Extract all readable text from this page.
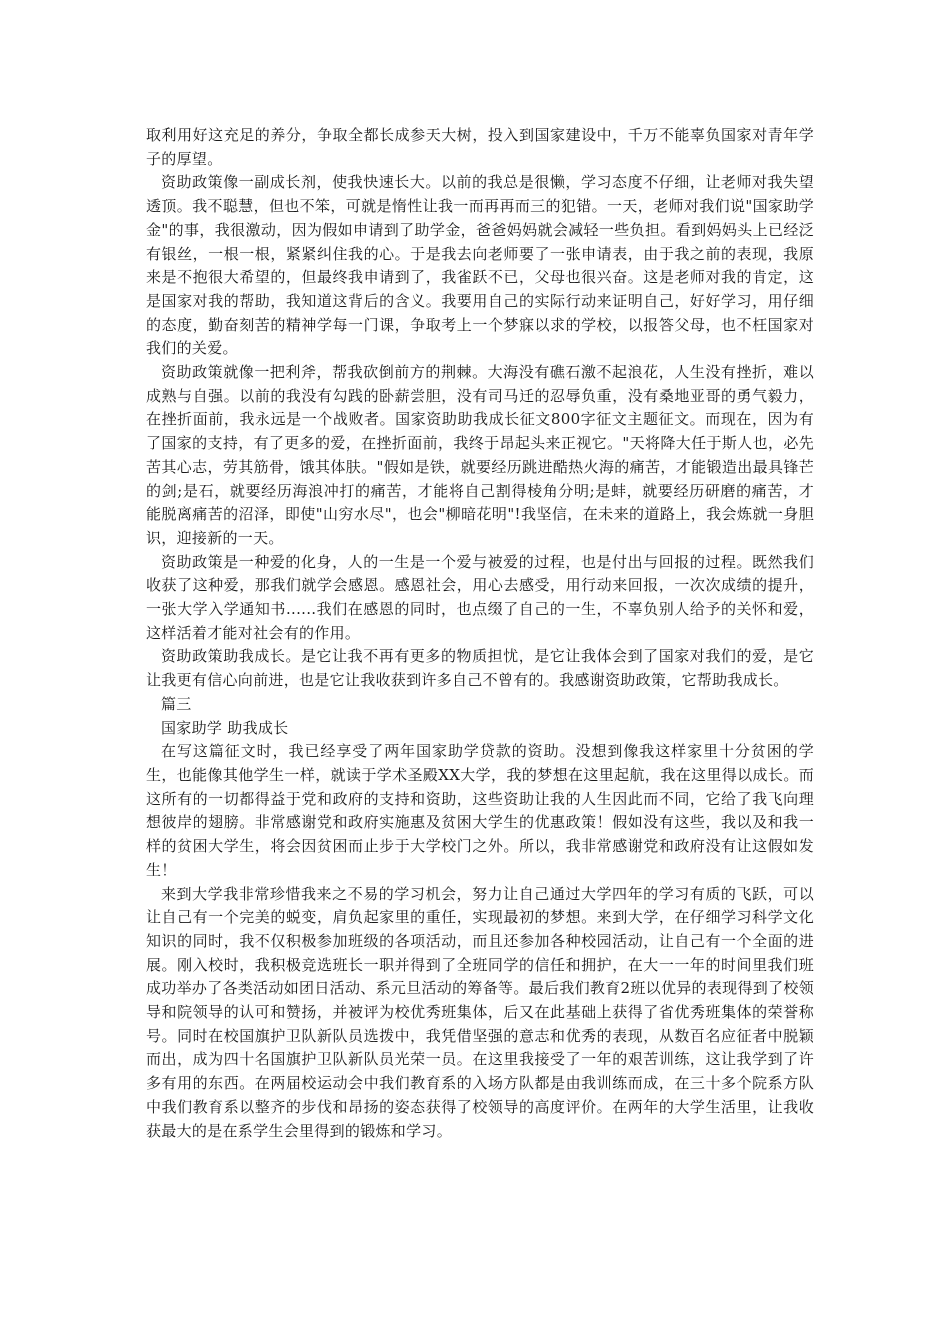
取利用好这充足的养分，争取全都长成参天大树，投入到国家建设中，千万不能辜负国家对青年学子的厚望。

资助政策像一副成长剂，使我快速长大。以前的我总是很懒，学习态度不仔细，让老师对我失望透顶。我不聪慧，但也不笨，可就是惰性让我一而再再而三的犯错。一天，老师对我们说"国家助学金"的事，我很激动，因为假如申请到了助学金，爸爸妈妈就会减轻一些负担。看到妈妈头上已经泛有银丝，一根一根，紧紧纠住我的心。于是我去向老师要了一张申请表，由于我之前的表现，我原来是不抱很大希望的，但最终我申请到了，我雀跃不已，父母也很兴奋。这是老师对我的肯定，这是国家对我的帮助，我知道这背后的含义。我要用自己的实际行动来证明自己，好好学习，用仔细的态度，勤奋刻苦的精神学每一门课，争取考上一个梦寐以求的学校，以报答父母，也不枉国家对我们的关爱。

资助政策就像一把利斧，帮我砍倒前方的荆棘。大海没有礁石激不起浪花，人生没有挫折，难以成熟与自强。以前的我没有勾践的卧薪尝胆，没有司马迁的忍辱负重，没有桑地亚哥的勇气毅力，在挫折面前，我永远是一个战败者。国家资助助我成长征文800字征文主题征文。而现在，因为有了国家的支持，有了更多的爱，在挫折面前，我终于昂起头来正视它。"天将降大任于斯人也，必先苦其心志，劳其筋骨，饿其体肤。"假如是铁，就要经历跳进酷热火海的痛苦，才能锻造出最具锋芒的剑;是石，就要经历海浪冲打的痛苦，才能将自己割得棱角分明;是蚌，就要经历研磨的痛苦，才能脱离痛苦的沼泽，即使"山穷水尽"，也会"柳暗花明"!我坚信，在未来的道路上，我会炼就一身胆识，迎接新的一天。

资助政策是一种爱的化身，人的一生是一个爱与被爱的过程，也是付出与回报的过程。既然我们收获了这种爱，那我们就学会感恩。感恩社会，用心去感受，用行动来回报，一次次成绩的提升，一张大学入学通知书......我们在感恩的同时，也点缀了自己的一生，不辜负别人给予的关怀和爱，这样活着才能对社会有的作用。

资助政策助我成长。是它让我不再有更多的物质担忧，是它让我体会到了国家对我们的爱，是它让我更有信心向前进，也是它让我收获到许多自己不曾有的。我感谢资助政策，它帮助我成长。

篇三

国家助学 助我成长

在写这篇征文时，我已经享受了两年国家助学贷款的资助。没想到像我这样家里十分贫困的学生，也能像其他学生一样，就读于学术圣殿XX大学，我的梦想在这里起航，我在这里得以成长。而这所有的一切都得益于党和政府的支持和资助，这些资助让我的人生因此而不同，它给了我飞向理想彼岸的翅膀。非常感谢党和政府实施惠及贫困大学生的优惠政策！假如没有这些，我以及和我一样的贫困大学生，将会因贫困而止步于大学校门之外。所以，我非常感谢党和政府没有让这假如发生！

来到大学我非常珍惜我来之不易的学习机会，努力让自己通过大学四年的学习有质的飞跃，可以让自己有一个完美的蜕变，肩负起家里的重任，实现最初的梦想。来到大学，在仔细学习科学文化知识的同时，我不仅积极参加班级的各项活动，而且还参加各种校园活动，让自己有一个全面的进展。刚入校时，我积极竞选班长一职并得到了全班同学的信任和拥护，在大一一年的时间里我们班成功举办了各类活动如团日活动、系元旦活动的筹备等。最后我们教育2班以优异的表现得到了校领导和院领导的认可和赞扬，并被评为校优秀班集体，后又在此基础上获得了省优秀班集体的荣誉称号。同时在校国旗护卫队新队员选拨中，我凭借坚强的意志和优秀的表现，从数百名应征者中脱颖而出，成为四十名国旗护卫队新队员光荣一员。在这里我接受了一年的艰苦训练，这让我学到了许多有用的东西。在两届校运动会中我们教育系的入场方队都是由我训练而成，在三十多个院系方队中我们教育系以整齐的步伐和昂扬的姿态获得了校领导的高度评价。在两年的大学生活里，让我收获最大的是在系学生会里得到的锻炼和学习。
